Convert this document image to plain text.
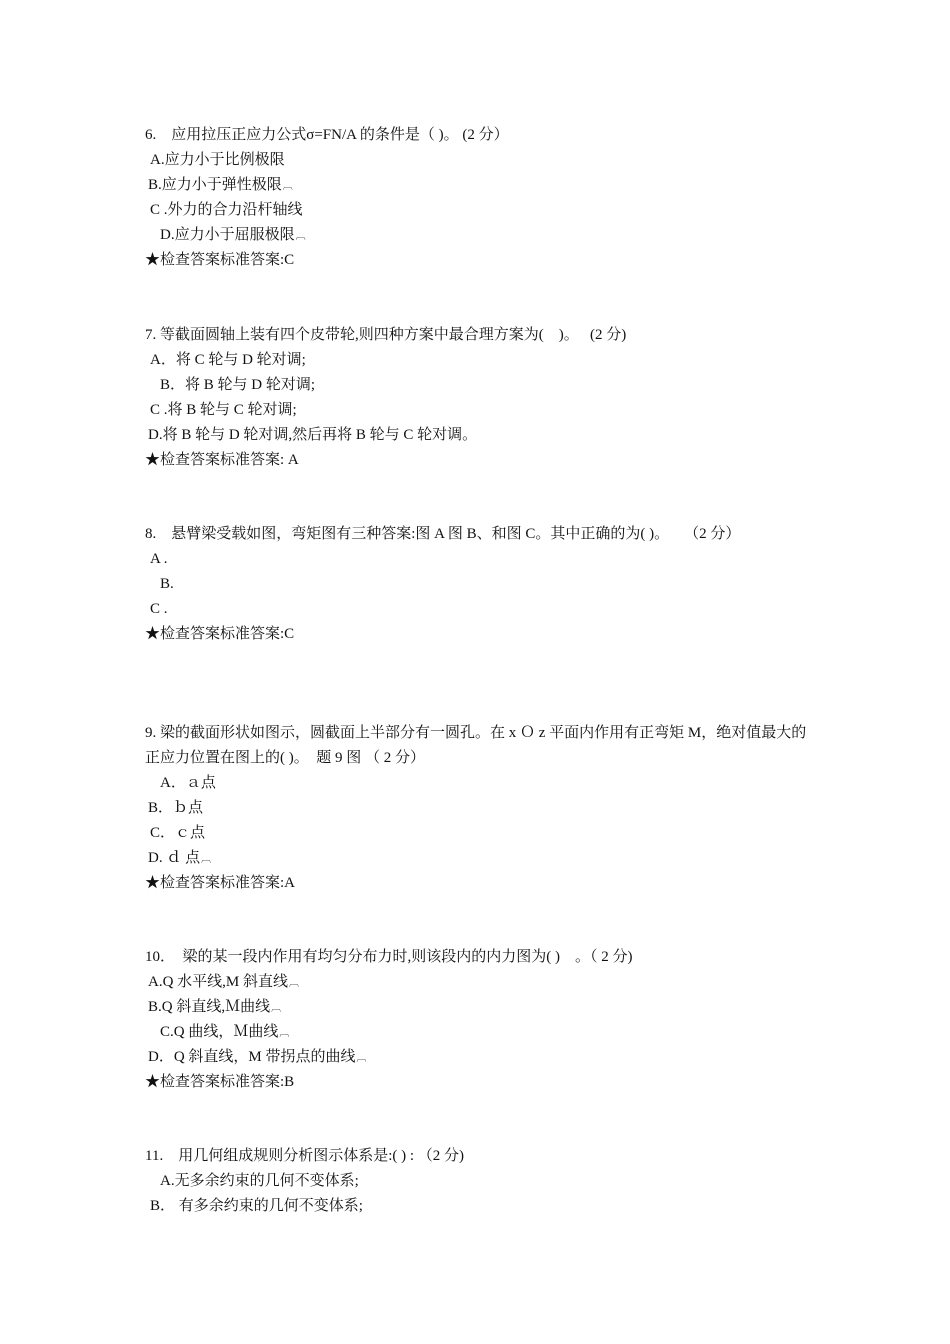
6.　应用拉压正应力公式σ=FN/A 的条件是（ )。 (2 分）
A.应力小于比例极限
B.应力小于弹性极限︹
C .外力的合力沿杆轴线
D.应力小于屈服极限︹
★检查答案标准答案:C
7. 等截面圆轴上装有四个皮带轮,则四种方案中最合理方案为(　)。　 (2 分)
A．将 C 轮与 D 轮对调;
B．将 B 轮与 D 轮对调;
C .将 B 轮与 C 轮对调;
D.将 B 轮与 D 轮对调,然后再将 B 轮与 C 轮对调。
★检查答案标准答案: A
8.　悬臂梁受载如图，弯矩图有三种答案:图 A 图 B、和图 C。其中正确的为( )。　　（2 分）
A .
B.
C .
★检查答案标准答案:C
9. 梁的截面形状如图示，圆截面上半部分有一圆孔。在 x Ｏ z 平面内作用有正弯矩 M，绝对值最大的正应力位置在图上的( )。　题 9 图 （ 2 分）
A．ａ点
B．ｂ点
C．ｃ点
D. ｄ 点︹
★检查答案标准答案:A
10．　梁的某一段内作用有均匀分布力时,则该段内的内力图为( )　。（ 2 分)
A.Q 水平线,M 斜直线︹
B.Q 斜直线,Ｍ曲线︹
C.Q 曲线，Ｍ曲线︹
D．Q 斜直线，M 带拐点的曲线︹
★检查答案标准答案:B
11.　用几何组成规则分析图示体系是:( ) : （2 分)
A.无多余约束的几何不变体系;
B． 有多余约束的几何不变体系;
